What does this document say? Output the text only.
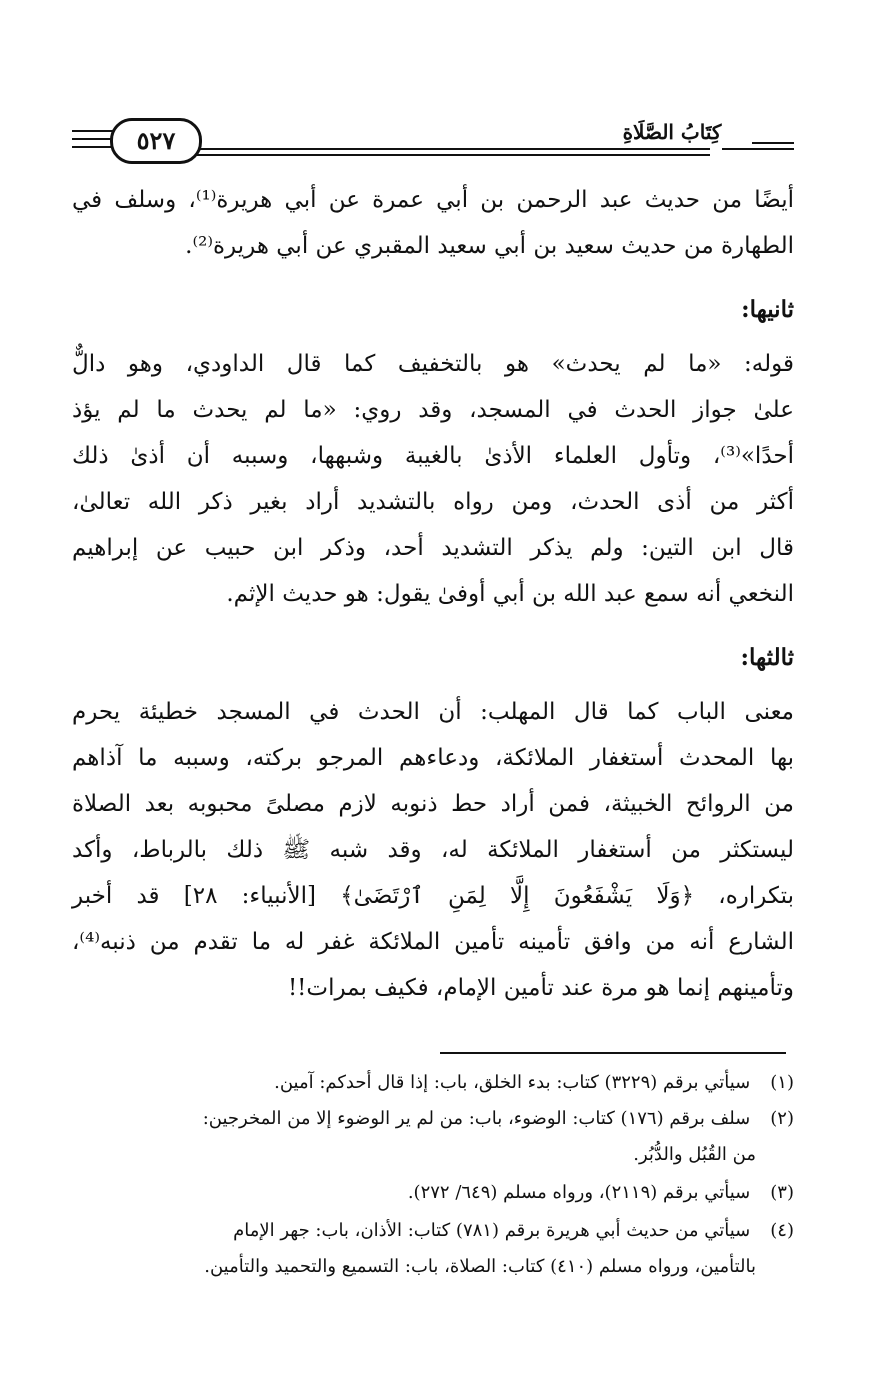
٥٢٧	كِتَابُ الصَّلَاةِ
أيضًا من حديث عبد الرحمن بن أبي عمرة عن أبي هريرة⁽¹⁾، وسلف في
الطهارة من حديث سعيد بن أبي سعيد المقبري عن أبي هريرة⁽²⁾.
ثانيها:
قوله: «ما لم يحدث» هو بالتخفيف كما قال الداودي، وهو دالٌّ
علىٰ جواز الحدث في المسجد، وقد روي: «ما لم يحدث ما لم يؤذ
أحدًا»⁽³⁾، وتأول العلماء الأذىٰ بالغيبة وشبهها، وسببه أن أذىٰ ذلك
أكثر من أذى الحدث، ومن رواه بالتشديد أراد بغير ذكر الله تعالىٰ،
قال ابن التين: ولم يذكر التشديد أحد، وذكر ابن حبيب عن إبراهيم
النخعي أنه سمع عبد الله بن أبي أوفىٰ يقول: هو حديث الإثم.
ثالثها:
معنى الباب كما قال المهلب: أن الحدث في المسجد خطيئة يحرم
بها المحدث أستغفار الملائكة، ودعاءهم المرجو بركته، وسببه ما آذاهم
من الروائح الخبيثة، فمن أراد حط ذنوبه لازم مصلىً محبوبه بعد الصلاة
ليستكثر من أستغفار الملائكة له، وقد شبه ﷺ ذلك بالرباط، وأكد
بتكراره، ﴿وَلَا يَشْفَعُونَ إِلَّا لِمَنِ ٱرْتَضَىٰ﴾ [الأنبياء: ٢٨] قد أخبر
الشارع أنه من وافق تأمينه تأمين الملائكة غفر له ما تقدم من ذنبه⁽⁴⁾،
وتأمينهم إنما هو مرة عند تأمين الإمام، فكيف بمرات!!
(١) سيأتي برقم (٣٢٢٩) كتاب: بدء الخلق، باب: إذا قال أحدكم: آمين.
(٢) سلف برقم (١٧٦) كتاب: الوضوء، باب: من لم ير الوضوء إلا من المخرجين:
من القُبُل والدُّبُر.
(٣) سيأتي برقم (٢١١٩)، ورواه مسلم (٦٤٩/ ٢٧٢).
(٤) سيأتي من حديث أبي هريرة برقم (٧٨١) كتاب: الأذان، باب: جهر الإمام
بالتأمين، ورواه مسلم (٤١٠) كتاب: الصلاة، باب: التسميع والتحميد والتأمين.
